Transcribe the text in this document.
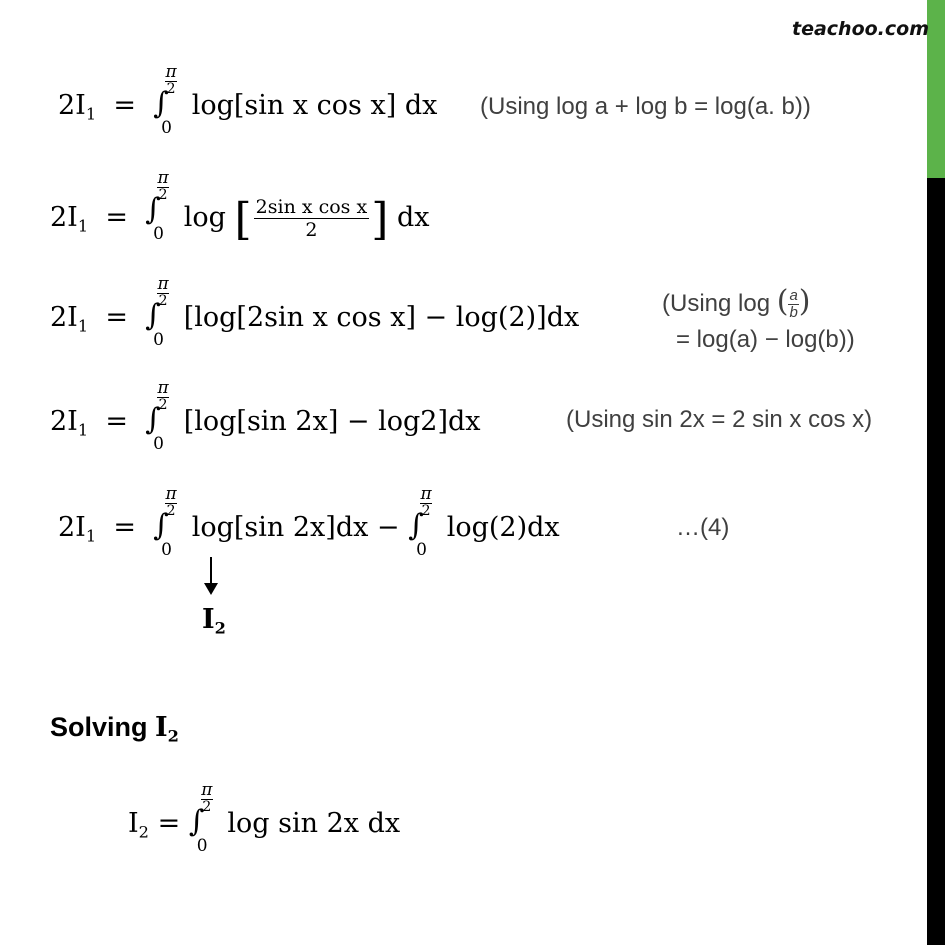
teachoo.com
$2I_1$  = ∫
π
2
0
log[sin x cos x] dx (Using log a + log b = log(a. b))
$2I_1$  = ∫
π
2
0
log [ $\frac{\text{2sin x cos x}}{2}$ ] dx
$2I_1$  = ∫
π
2
0
[log[2sin x cos x] − log(2)]dx	(Using log ( $\frac{a}{b}$)
= log(a) − log(b))
$2I_1$  = ∫
π
2
0
[log[sin 2x] − log2]dx	(Using sin 2x = 2 sin x cos x)
$2I_1$  = ∫
π
2
0
log[sin 2x]dx − ∫
π
2
0
log(2)dx	…(4)
$I_2$
Solving $I_2$
$I_2$ = ∫
π
2
0
log sin 2x dx
